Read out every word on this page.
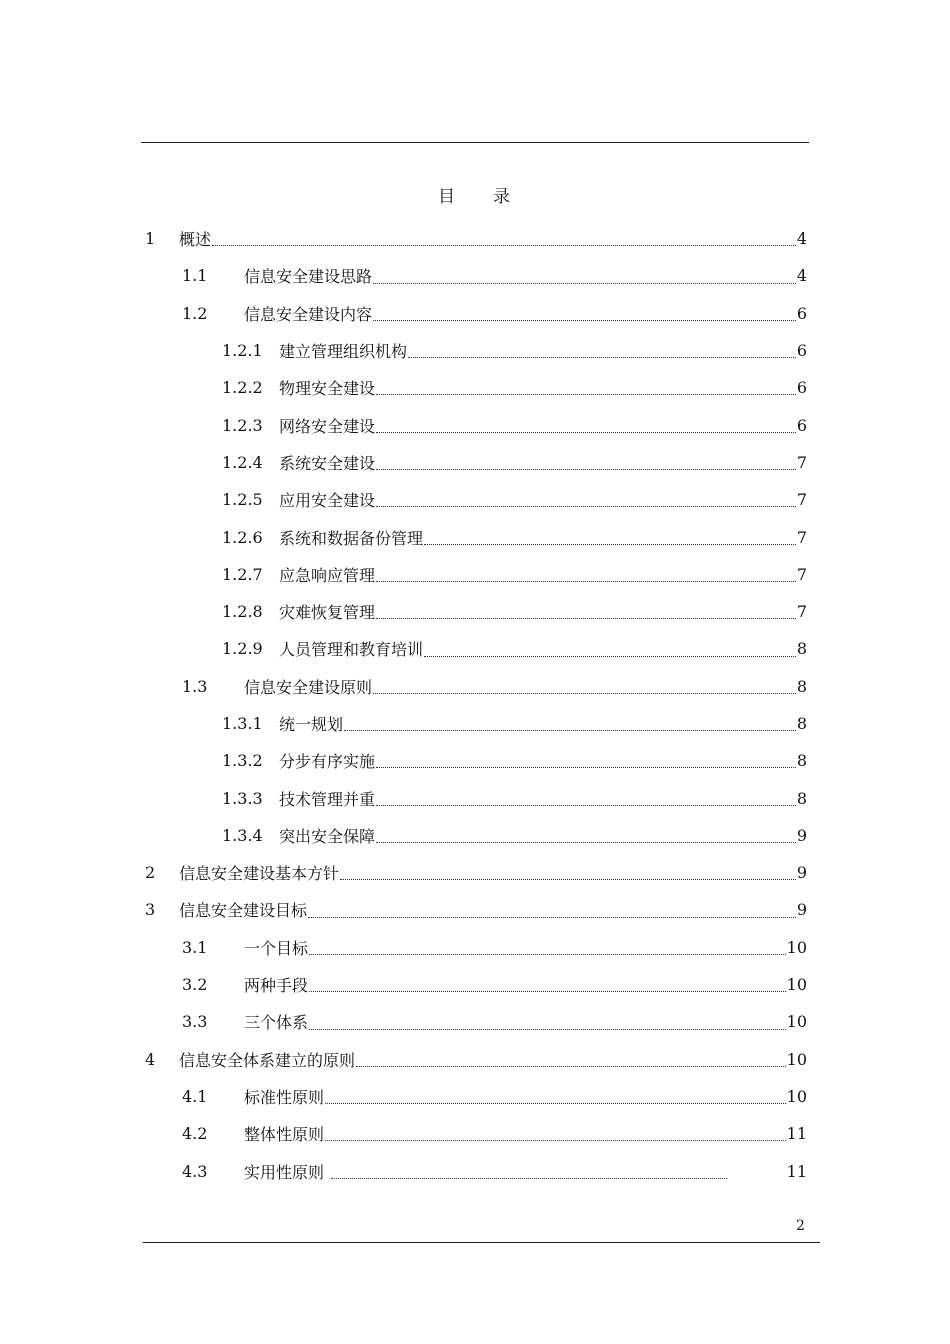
目 录
1	概述	4
1.1	信息安全建设思路	4
1.2	信息安全建设内容	6
1.2.1	建立管理组织机构	6
1.2.2	物理安全建设	6
1.2.3	网络安全建设	6
1.2.4	系统安全建设	7
1.2.5	应用安全建设	7
1.2.6	系统和数据备份管理	7
1.2.7	应急响应管理	7
1.2.8	灾难恢复管理	7
1.2.9	人员管理和教育培训	8
1.3	信息安全建设原则	8
1.3.1	统一规划	8
1.3.2	分步有序实施	8
1.3.3	技术管理并重	8
1.3.4	突出安全保障	9
2	信息安全建设基本方针	9
3	信息安全建设目标	9
3.1	一个目标	10
3.2	两种手段	10
3.3	三个体系	10
4	信息安全体系建立的原则	10
4.1	标准性原则	10
4.2	整体性原则	11
4.3	实用性原则	11
2
